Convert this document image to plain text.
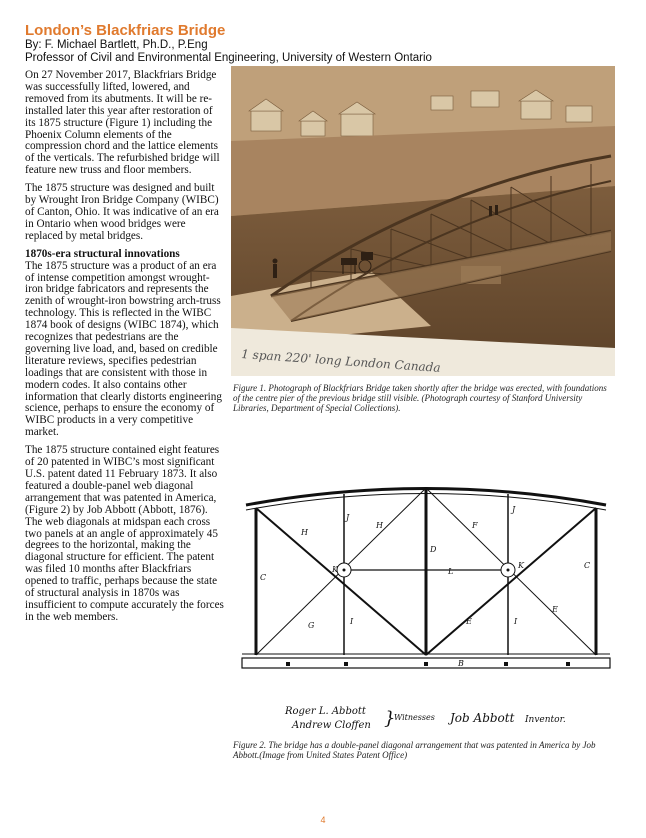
London’s Blackfriars Bridge
By: F. Michael Bartlett, Ph.D., P.Eng
Professor of Civil and Environmental Engineering, University of Western Ontario

On 27 November 2017, Blackfriars Bridge was successfully lifted, lowered, and removed from its abutments. It will be re-installed later this year after restoration of its 1875 structure (Figure 1) including the Phoenix Column elements of the compression chord and the lattice elements of the verticals. The refurbished bridge will feature new truss and floor members.

The 1875 structure was designed and built by Wrought Iron Bridge Company (WIBC) of Canton, Ohio. It was indicative of an era in Ontario when wood bridges were replaced by metal bridges.

1870s-era structural innovations

The 1875 structure was a product of an era of intense competition amongst wrought-iron bridge fabricators and represents the zenith of wrought-iron bowstring arch-truss technology. This is reflected in the WIBC 1874 book of designs (WIBC 1874), which recognizes that pedestrians are the governing live load, and, based on credible literature reviews, specifies pedestrian loadings that are consistent with those in modern codes. It also contains other information that clearly distorts engineering science, perhaps to ensure the economy of WIBC products in a very competitive market.

The 1875 structure contained eight features of 20 patented in WIBC’s most significant U.S. patent dated 11 February 1873. It also featured a double-panel web diagonal arrangement that was patented in America, (Figure 2) by Job Abbott (Abbott, 1876). The web diagonals at midspan each cross two panels at an angle of approximately 45 degrees to the horizontal, making the diagonal structure for efficient. The patent was filed 10 months after Blackfriars opened to traffic, perhaps because the state of structural analysis in 1870s was insufficient to compute accurately the forces in the web members.

1 span 220' long London Canada
Figure 1. Photograph of Blackfriars Bridge taken shortly after the bridge was erected, with foundations of the centre pier of the previous bridge still visible. (Photograph courtesy of Stanford University Libraries, Department of Special Collections).
H
J
H
D
F
J
C
K	L
K	C
G	I	E	I
E
B
Roger L. Abbott
Andrew Cloffen }
Witnesses Job Abbott Inventor.
Figure 2. The bridge has a double-panel diagonal arrangement that was patented in America by Job Abbott.(Image from United States Patent Office)
4
